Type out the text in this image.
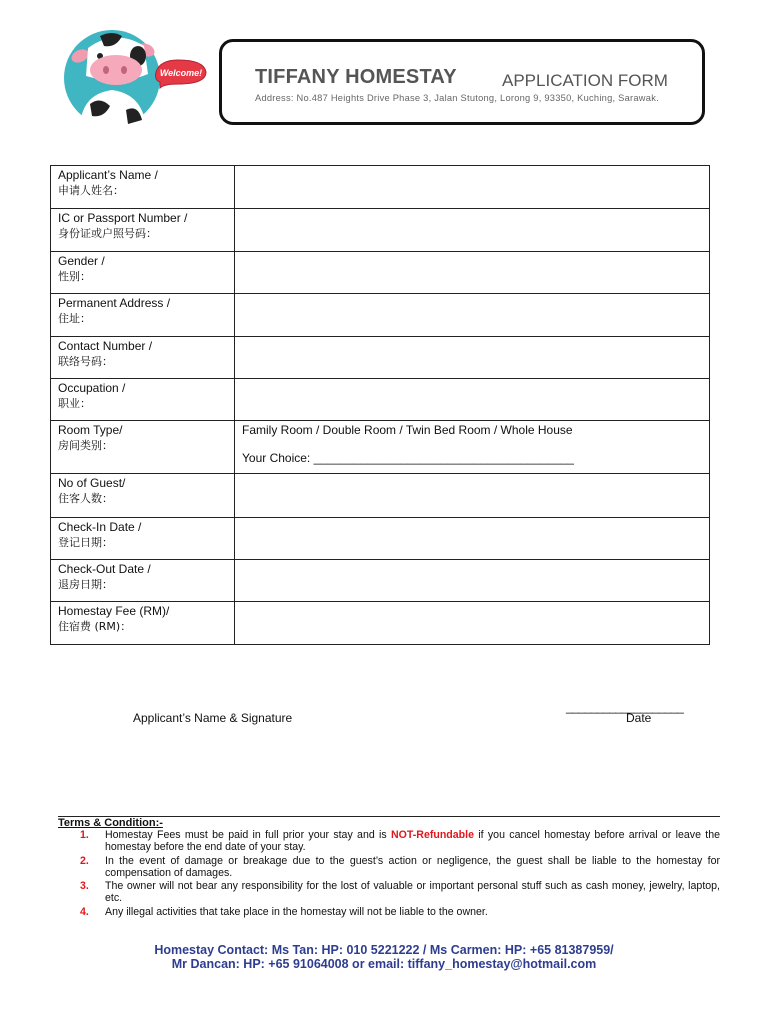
Welcome!	TIFFANY HOMESTAY	APPLICATION FORM
Address: No.487 Heights Drive Phase 3, Jalan Stutong, Lorong 9, 93350, Kuching, Sarawak.
Applicant’s Name /
申请人姓名：	

IC or Passport Number /
身份证或户照号码：	

Gender /
性别：	

Permanent Address /
住址：	

Contact Number /
联络号码：	

Occupation /
职业：	

Room Type/
房间类别：	Family Room / Double Room / Twin Bed Room / Whole House
Your Choice: _______________________________________

No of Guest/
住客人数：	

Check-In Date /
登记日期：	

Check-Out Date /
退房日期：	

Homestay Fee (RM)/
住宿费 (RM)：	

Applicant’s Name & Signature
___________________
Date
Terms & Condition:-
1. Homestay Fees must be paid in full prior your stay and is NOT-Refundable if you cancel homestay before arrival or leave the homestay before the end date of your stay.
2. In the event of damage or breakage due to the guest’s action or negligence, the guest shall be liable to the homestay for compensation of damages.
3. The owner will not bear any responsibility for the lost of valuable or important personal stuff such as cash money, jewelry, laptop, etc.
4. Any illegal activities that take place in the homestay will not be liable to the owner.
Homestay Contact: Ms Tan: HP: 010 5221222 / Ms Carmen: HP: +65 81387959/
Mr Dancan: HP: +65 91064008 or email: tiffany_homestay@hotmail.com
